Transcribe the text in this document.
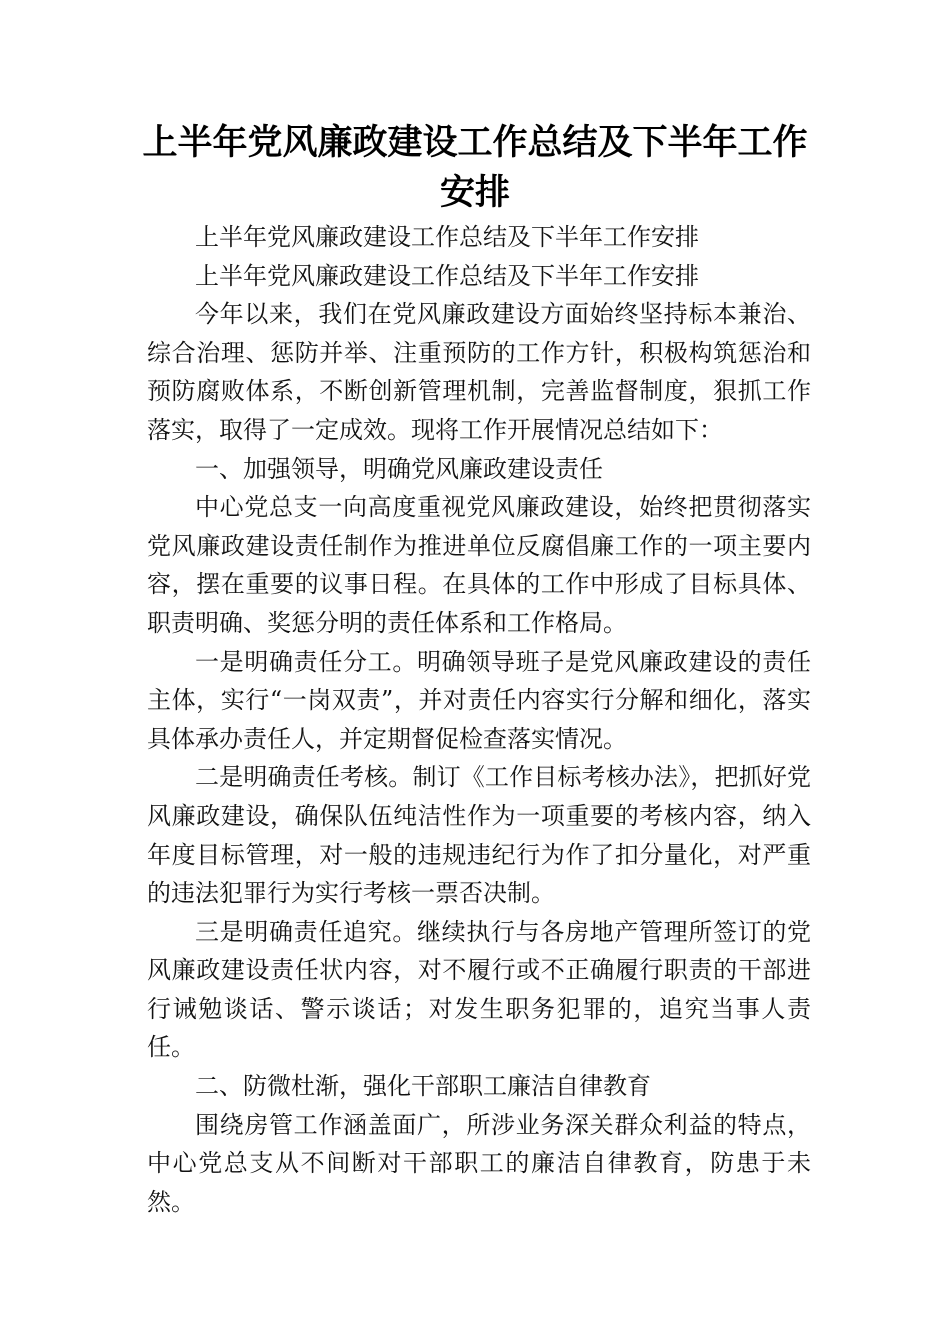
上半年党风廉政建设工作总结及下半年工作安排

上半年党风廉政建设工作总结及下半年工作安排

上半年党风廉政建设工作总结及下半年工作安排

今年以来，我们在党风廉政建设方面始终坚持标本兼治、综合治理、惩防并举、注重预防的工作方针，积极构筑惩治和预防腐败体系，不断创新管理机制，完善监督制度，狠抓工作落实，取得了一定成效。现将工作开展情况总结如下：

一、加强领导，明确党风廉政建设责任

中心党总支一向高度重视党风廉政建设，始终把贯彻落实党风廉政建设责任制作为推进单位反腐倡廉工作的一项主要内容，摆在重要的议事日程。在具体的工作中形成了目标具体、职责明确、奖惩分明的责任体系和工作格局。

一是明确责任分工。明确领导班子是党风廉政建设的责任主体，实行“一岗双责”，并对责任内容实行分解和细化，落实具体承办责任人，并定期督促检查落实情况。

二是明确责任考核。制订《工作目标考核办法》，把抓好党风廉政建设，确保队伍纯洁性作为一项重要的考核内容，纳入年度目标管理，对一般的违规违纪行为作了扣分量化，对严重的违法犯罪行为实行考核一票否决制。

三是明确责任追究。继续执行与各房地产管理所签订的党风廉政建设责任状内容，对不履行或不正确履行职责的干部进行诫勉谈话、警示谈话；对发生职务犯罪的，追究当事人责任。

二、防微杜渐，强化干部职工廉洁自律教育

围绕房管工作涵盖面广，所涉业务深关群众利益的特点，中心党总支从不间断对干部职工的廉洁自律教育，防患于未然。
